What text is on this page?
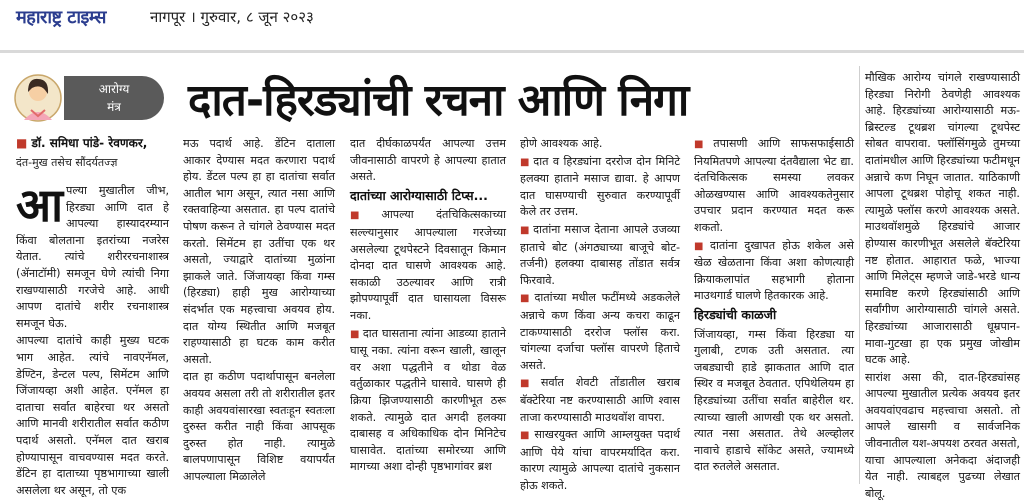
महाराष्ट्र टाइम्स	नागपूर । गुरुवार, ८ जून २०२३
आरोग्य
मंत्र	दात-हिरड्यांची रचना आणि निगा
■ डॉ. समिधा पांडे- रेवणकर,
दंत-मुख तसेच सौंदर्यतज्ज्ञ

आपल्या मुखातील जीभ, हिरड्या आणि दात हे आपल्या हास्यादरम्यान किंवा बोलताना इतरांच्या नजरेस येतात. त्यांचे शरीररचनाशास्त्र (ॲनाटॉमी) समजून घेणे त्यांची निगा राखण्यासाठी गरजेचे आहे. आधी आपण दातांचे शरीर रचनाशास्त्र समजून घेऊ.

आपल्या दातांचे काही मुख्य घटक भाग आहेत. त्यांचे नावएनॅमल, डेण्टिन, डेन्टल पल्प, सिमेंटम आणि जिंजायव्हा अशी आहेत. एनॅमल हा दाताचा सर्वात बाहेरचा थर असतो आणि मानवी शरीरातील सर्वात कठीण पदार्थ असतो. एनॅमल दात खराब होण्यापासून वाचवण्यास मदत करते. डेंटिन हा दाताच्या पृष्ठभागाच्या खाली असलेला थर असून, तो एक

मऊ पदार्थ आहे. डेंटिन दाताला आकार देण्यास मदत करणारा पदार्थ होय. डेंटल पल्प हा हा दातांचा सर्वात आतील भाग असून, त्यात नसा आणि रक्तवाहिन्या असतात. हा पल्प दातांचे पोषण करून ते चांगले ठेवण्यास मदत करतो. सिमेंटम हा उतींचा एक थर असतो, ज्याद्वारे दातांच्या मुळांना झाकले जाते. जिंजायव्हा किंवा गम्स (हिरड्या) हाही मुख आरोग्याच्या संदर्भात एक महत्त्वाचा अवयव होय. दात योग्य स्थितीत आणि मजबूत राहण्यासाठी हा घटक काम करीत असतो.

दात हा कठीण पदार्थापासून बनलेला अवयव असला तरी तो शरीरातील इतर काही अवयवांसारखा स्वतःहून स्वतःला दुरुस्त करीत नाही किंवा आपसूक दुरुस्त होत नाही. त्यामुळे बालपणापासून विशिष्ट वयापर्यंत आपल्याला मिळालेले

दात दीर्घकाळपर्यंत आपल्या उत्तम जीवनासाठी वापरणे हे आपल्या हातात असते.

दातांच्या आरोग्यासाठी टिप्स...

■ आपल्या दंतचिकित्सकाच्या सल्ल्यानुसार आपल्याला गरजेच्या असलेल्या टूथपेस्टने दिवसातून किमान दोनदा दात घासणे आवश्यक आहे. सकाळी उठल्यावर आणि रात्री झोपण्यापूर्वी दात घासायला विसरू नका.

■ दात घासताना त्यांना आडव्या हाताने घासू नका. त्यांना वरून खाली, खालून वर अशा पद्धतीने व थोडा वेळ वर्तुळाकार पद्धतीने घासावे. घासणे ही क्रिया झिजण्यासाठी कारणीभूत ठरू शकते. त्यामुळे दात अगदी हलक्या दाबासह व अधिकाधिक दोन मिनिटेच घासावेत. दातांच्या समोरच्या आणि मागच्या अशा दोन्ही पृष्ठभागांवर ब्रश

होणे आवश्यक आहे.

■ दात व हिरड्यांना दररोज दोन मिनिटे हलक्या हाताने मसाज द्यावा. हे आपण दात घासण्याची सुरुवात करण्यापूर्वी केले तर उत्तम.

■ दातांना मसाज देताना आपले उजव्या हाताचे बोट (अंगठ्याच्या बाजूचे बोट-तर्जनी) हलक्या दाबासह तोंडात सर्वत्र फिरवावे.

■ दातांच्या मधील फटींमध्ये अडकलेले अन्नाचे कण किंवा अन्य कचरा काढून टाकण्यासाठी दररोज फ्लॉस करा. चांगल्या दर्जाचा फ्लॉस वापरणे हिताचे असते.

■ सर्वात शेवटी तोंडातील खराब बॅक्टेरिया नष्ट करण्यासाठी आणि श्वास ताजा करण्यासाठी माउथवॉश वापरा.

■ साखरयुक्त आणि आम्लयुक्त पदार्थ आणि पेये यांचा वापरमर्यादित करा. कारण त्यामुळे आपल्या दातांचे नुकसान होऊ शकते.

■ तपासणी आणि साफसफाईसाठी नियमितपणे आपल्या दंतवैद्याला भेट द्या. दंतचिकित्सक समस्या लवकर ओळखण्यास आणि आवश्यकतेनुसार उपचार प्रदान करण्यात मदत करू शकतो.

■ दातांना दुखापत होऊ शकेल असे खेळ खेळताना किंवा अशा कोणत्याही क्रियाकलापांत सहभागी होताना माउथगार्ड घालणे हितकारक आहे.

हिरड्यांची काळजी

जिंजायव्हा, गम्स किंवा हिरड्या या गुलाबी, टणक उती असतात. त्या जबड्याची हाडे झाकतात आणि दात स्थिर व मजबूत ठेवतात. एपिथेलियम हा हिरड्यांच्या उतींचा सर्वात बाहेरील थर. त्याच्या खाली आणखी एक थर असतो. त्यात नसा असतात. तेथे अल्व्होलर नावाचे हाडाचे सॉकेट असते, ज्यामध्ये दात रुतलेले असतात.

मौखिक आरोग्य चांगले राखण्यासाठी हिरड्या निरोगी ठेवणेही आवश्यक आहे. हिरड्यांच्या आरोग्यासाठी मऊ-ब्रिस्टल्ड टूथब्रश चांगल्या टूथपेस्ट सोबत वापरावा. फ्लॉसिंगमुळे तुमच्या दातांमधील आणि हिरड्यांच्या फटीमधून अन्नाचे कण निघून जातात. याठिकाणी आपला टूथब्रश पोहोचू शकत नाही. त्यामुळे फ्लॉस करणे आवश्यक असते. माउथवॉशमुळे हिरड्यांचे आजार होण्यास कारणीभूत असलेले बॅक्टेरिया नष्ट होतात. आहारात फळे, भाज्या आणि मिलेट्स म्हणजे जाडे-भरडे धान्य समाविष्ट करणे हिरड्यांसाठी आणि सर्वांगीण आरोग्यासाठी चांगले असते. हिरड्यांच्या आजारासाठी धूम्रपान-मावा-गुटखा हा एक प्रमुख जोखीम घटक आहे.

सारांश असा की, दात-हिरड्यांसह आपल्या मुखातील प्रत्येक अवयव इतर अवयवांएवढाच महत्त्वाचा असतो. तो आपले खासगी व सार्वजनिक जीवनातील यश-अपयश ठरवत असतो, याचा आपल्याला अनेकदा अंदाजही येत नाही. त्याबद्दल पुढच्या लेखात बोलू.
